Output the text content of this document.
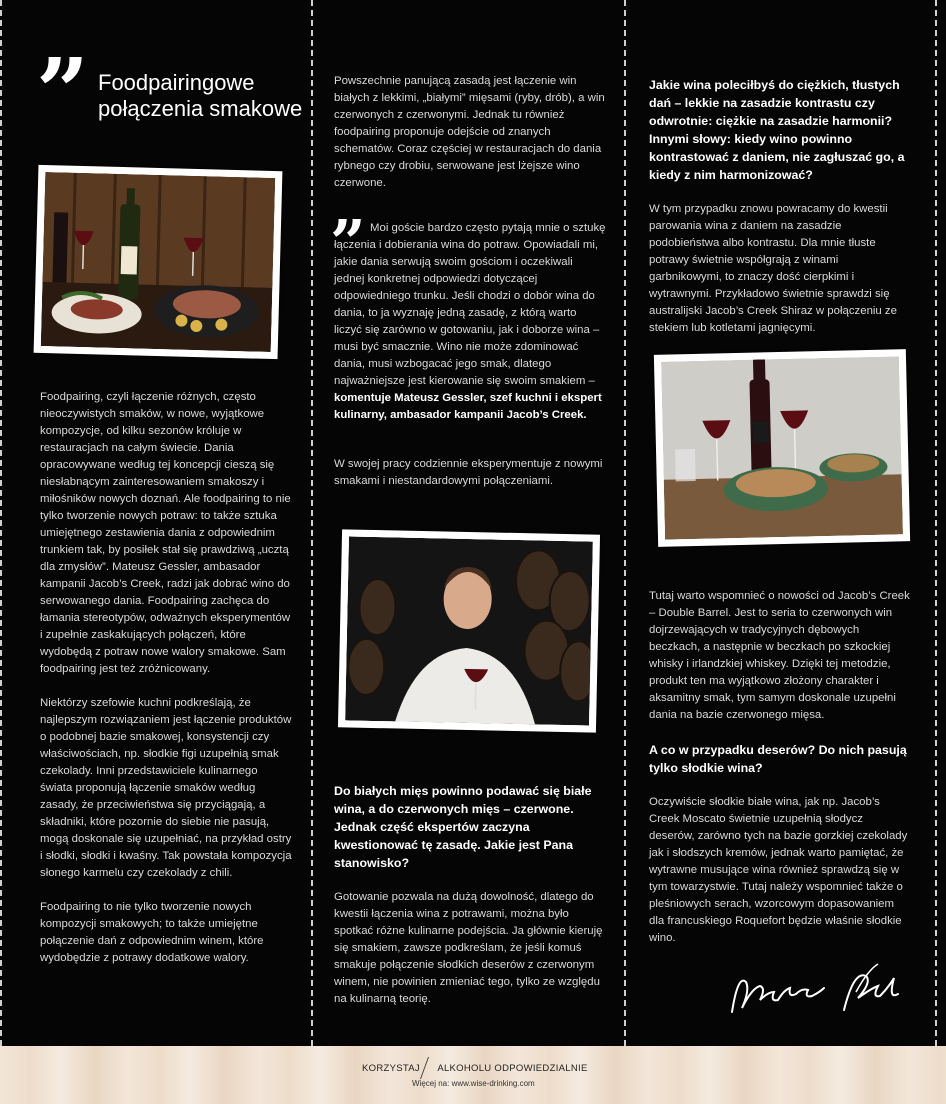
” Foodpairingowe połączenia smakowe

Foodpairing, czyli łączenie różnych, często nieoczywistych smaków, w nowe, wyjątkowe kompozycje, od kilku sezonów króluje w restauracjach na całym świecie. Dania opracowywane według tej koncepcji cieszą się niesłabnącym zainteresowaniem smakoszy i miłośników nowych doznań. Ale foodpairing to nie tylko tworzenie nowych potraw: to także sztuka umiejętnego zestawienia dania z odpowiednim trunkiem tak, by posiłek stał się prawdziwą „ucztą dla zmysłów”. Mateusz Gessler, ambasador kampanii Jacob’s Creek, radzi jak dobrać wino do serwowanego dania. Foodpairing zachęca do łamania stereotypów, odważnych eksperymentów i zupełnie zaskakujących połączeń, które wydobędą z potraw nowe walory smakowe. Sam foodpairing jest też zróżnicowany.

Niektórzy szefowie kuchni podkreślają, że najlepszym rozwiązaniem jest łączenie produktów o podobnej bazie smakowej, konsystencji czy właściwościach, np. słodkie figi uzupełnią smak czekolady. Inni przedstawiciele kulinarnego świata proponują łączenie smaków według zasady, że przeciwieństwa się przyciągają, a składniki, które pozornie do siebie nie pasują, mogą doskonale się uzupełniać, na przykład ostry i słodki, słodki i kwaśny. Tak powstała kompozycja słonego karmelu czy czekolady z chili.

Foodpairing to nie tylko tworzenie nowych kompozycji smakowych; to także umiejętne połączenie dań z odpowiednim winem, które wydobędzie z potrawy dodatkowe walory.

Powszechnie panującą zasadą jest łączenie win białych z lekkimi, „białymi” mięsami (ryby, drób), a win czerwonych z czerwonymi. Jednak tu również foodpairing proponuje odejście od znanych schematów. Coraz częściej w restauracjach do dania rybnego czy drobiu, serwowane jest lżejsze wino czerwone.

” Moi goście bardzo często pytają mnie o sztukę łączenia i dobierania wina do potraw. Opowiadali mi, jakie dania serwują swoim gościom i oczekiwali jednej konkretnej odpowiedzi dotyczącej odpowiedniego trunku. Jeśli chodzi o dobór wina do dania, to ja wyznaję jedną zasadę, z którą warto liczyć się zarówno w gotowaniu, jak i doborze wina – musi być smacznie. Wino nie może zdominować dania, musi wzbogacać jego smak, dlatego najważniejsze jest kierowanie się swoim smakiem – komentuje Mateusz Gessler, szef kuchni i ekspert kulinarny, ambasador kampanii Jacob’s Creek.

W swojej pracy codziennie eksperymentuje z nowymi smakami i niestandardowymi połączeniami.

Do białych mięs powinno podawać się białe wina, a do czerwonych mięs – czerwone. Jednak część ekspertów zaczyna kwestionować tę zasadę. Jakie jest Pana stanowisko?

Gotowanie pozwala na dużą dowolność, dlatego do kwestii łączenia wina z potrawami, można było spotkać różne kulinarne podejścia. Ja głównie kieruję się smakiem, zawsze podkreślam, że jeśli komuś smakuje połączenie słodkich deserów z czerwonym winem, nie powinien zmieniać tego, tylko ze względu na kulinarną teorię.

Jakie wina poleciłbyś do ciężkich, tłustych dań – lekkie na zasadzie kontrastu czy odwrotnie: ciężkie na zasadzie harmonii? Innymi słowy: kiedy wino powinno kontrastować z daniem, nie zagłuszać go, a kiedy z nim harmonizować?

W tym przypadku znowu powracamy do kwestii parowania wina z daniem na zasadzie podobieństwa albo kontrastu. Dla mnie tłuste potrawy świetnie współgrają z winami garbnikowymi, to znaczy dość cierpkimi i wytrawnymi. Przykładowo świetnie sprawdzi się australijski Jacob’s Creek Shiraz w połączeniu ze stekiem lub kotletami jagnięcymi.

Tutaj warto wspomnieć o nowości od Jacob’s Creek – Double Barrel. Jest to seria to czerwonych win dojrzewających w tradycyjnych dębowych beczkach, a następnie w beczkach po szkockiej whisky i irlandzkiej whiskey. Dzięki tej metodzie, produkt ten ma wyjątkowo złożony charakter i aksamitny smak, tym samym doskonale uzupełni dania na bazie czerwonego mięsa.

A co w przypadku deserów? Do nich pasują tylko słodkie wina?

Oczywiście słodkie białe wina, jak np. Jacob’s Creek Moscato świetnie uzupełnią słodycz deserów, zarówno tych na bazie gorzkiej czekolady jak i słodszych kremów, jednak warto pamiętać, że wytrawne musujące wina również sprawdzą się w tym towarzystwie. Tutaj należy wspomnieć także o pleśniowych serach, wzorcowym dopasowaniem dla francuskiego Roquefort będzie właśnie słodkie wino.

KORZYSTAJ ALKOHOLU ODPOWIEDZIALNIE
Więcej na: www.wise-drinking.com
